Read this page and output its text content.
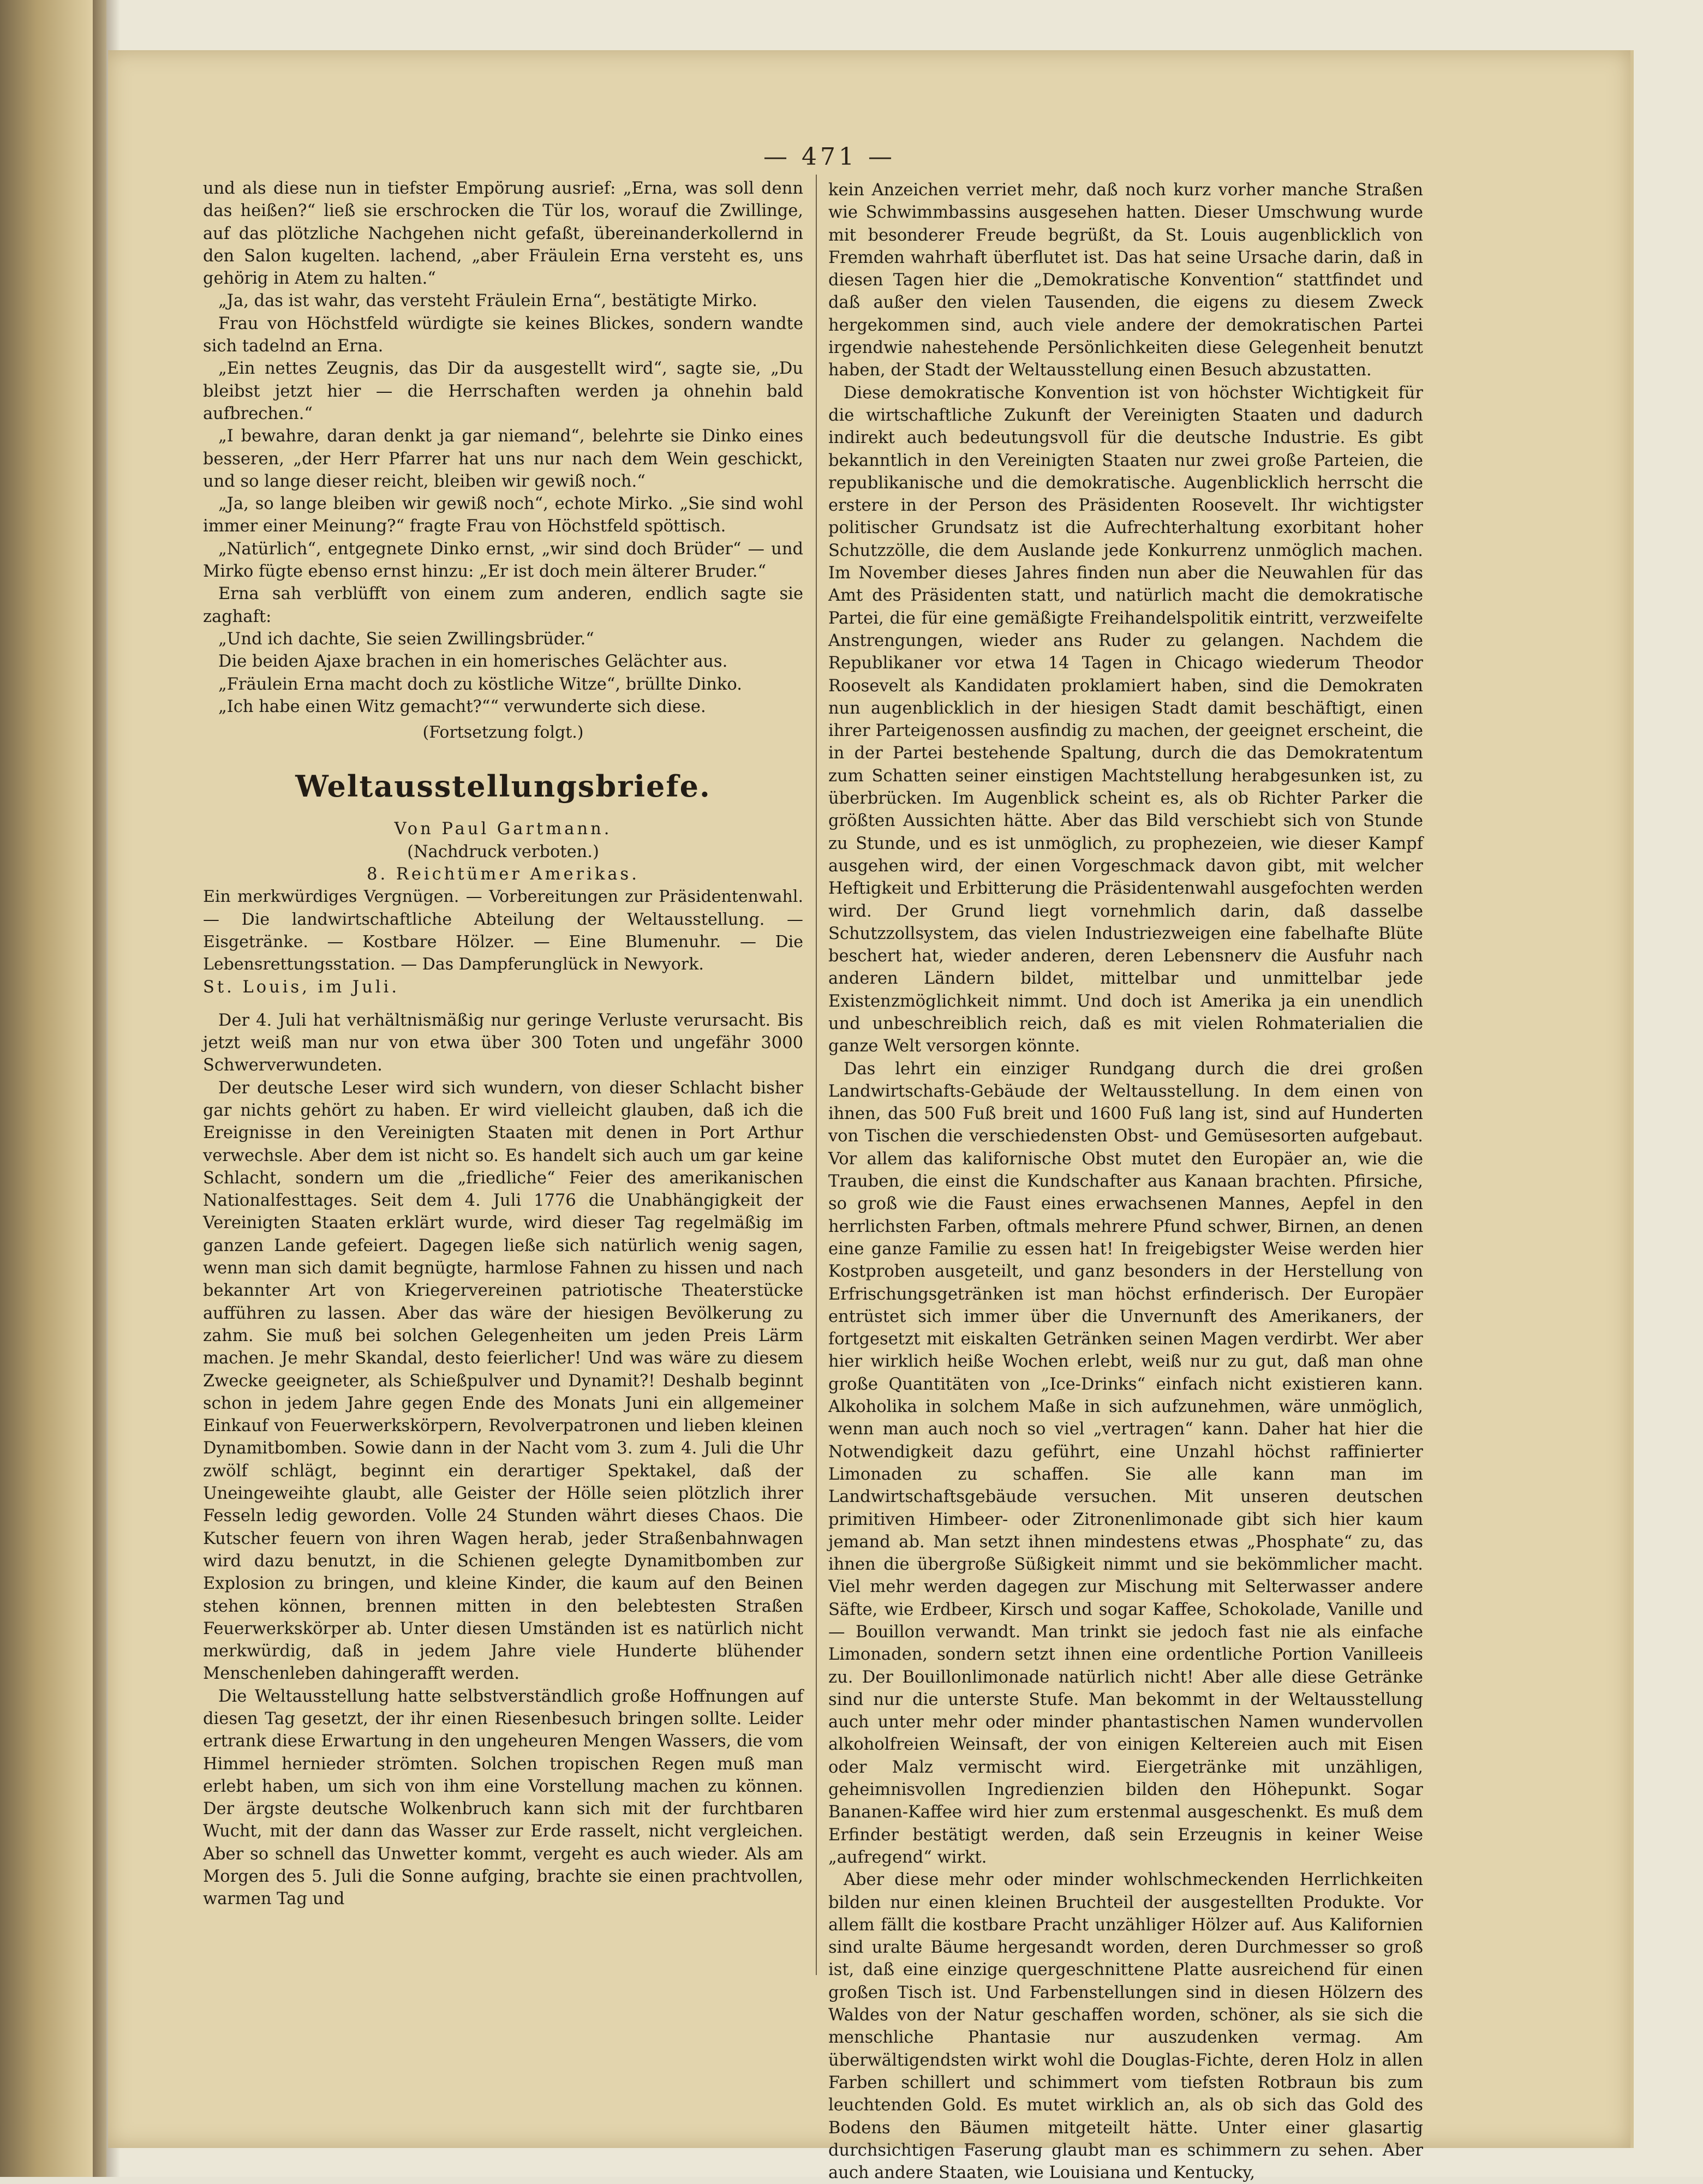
— 471 —

und als diese nun in tiefster Empörung ausrief: „Erna, was soll denn das heißen?“ ließ sie erschrocken die Tür los, worauf die Zwillinge, auf das plötzliche Nachgehen nicht gefaßt, übereinanderkollernd in den Salon kugelten. lachend, „aber Fräulein Erna versteht es, uns gehörig in Atem zu halten.“

„Ja, das ist wahr, das versteht Fräulein Erna“, bestätigte Mirko.

Frau von Höchstfeld würdigte sie keines Blickes, sondern wandte sich tadelnd an Erna.

„Ein nettes Zeugnis, das Dir da ausgestellt wird“, sagte sie, „Du bleibst jetzt hier — die Herrschaften werden ja ohnehin bald aufbrechen.“

„I bewahre, daran denkt ja gar niemand“, belehrte sie Dinko eines besseren, „der Herr Pfarrer hat uns nur nach dem Wein geschickt, und so lange dieser reicht, bleiben wir gewiß noch.“

„Ja, so lange bleiben wir gewiß noch“, echote Mirko. „Sie sind wohl immer einer Meinung?“ fragte Frau von Höchstfeld spöttisch.

„Natürlich“, entgegnete Dinko ernst, „wir sind doch Brüder“ — und Mirko fügte ebenso ernst hinzu: „Er ist doch mein älterer Bruder.“

Erna sah verblüfft von einem zum anderen, endlich sagte sie zaghaft:

„Und ich dachte, Sie seien Zwillingsbrüder.“

Die beiden Ajaxe brachen in ein homerisches Gelächter aus.

„Fräulein Erna macht doch zu köstliche Witze“, brüllte Dinko.

„Ich habe einen Witz gemacht?““ verwunderte sich diese.

(Fortsetzung folgt.)

Weltausstellungsbriefe.

Von Paul Gartmann.

(Nachdruck verboten.)

8. Reichtümer Amerikas.

Ein merkwürdiges Vergnügen. — Vorbereitungen zur Präsidentenwahl. — Die landwirtschaftliche Abteilung der Weltausstellung. — Eisgetränke. — Kostbare Hölzer. — Eine Blumenuhr. — Die Lebensrettungsstation. — Das Dampferunglück in Newyork.

St. Louis, im Juli.

Der 4. Juli hat verhältnismäßig nur geringe Verluste verursacht. Bis jetzt weiß man nur von etwa über 300 Toten und ungefähr 3000 Schwerverwundeten.

Der deutsche Leser wird sich wundern, von dieser Schlacht bisher gar nichts gehört zu haben. Er wird vielleicht glauben, daß ich die Ereignisse in den Vereinigten Staaten mit denen in Port Arthur verwechsle. Aber dem ist nicht so. Es handelt sich auch um gar keine Schlacht, sondern um die „friedliche“ Feier des amerikanischen Nationalfesttages. Seit dem 4. Juli 1776 die Unabhängigkeit der Vereinigten Staaten erklärt wurde, wird dieser Tag regelmäßig im ganzen Lande gefeiert. Dagegen ließe sich natürlich wenig sagen, wenn man sich damit begnügte, harmlose Fahnen zu hissen und nach bekannter Art von Kriegervereinen patriotische Theaterstücke aufführen zu lassen. Aber das wäre der hiesigen Bevölkerung zu zahm. Sie muß bei solchen Gelegenheiten um jeden Preis Lärm machen. Je mehr Skandal, desto feierlicher! Und was wäre zu diesem Zwecke geeigneter, als Schießpulver und Dynamit?! Deshalb beginnt schon in jedem Jahre gegen Ende des Monats Juni ein allgemeiner Einkauf von Feuerwerkskörpern, Revolverpatronen und lieben kleinen Dynamitbomben. Sowie dann in der Nacht vom 3. zum 4. Juli die Uhr zwölf schlägt, beginnt ein derartiger Spektakel, daß der Uneingeweihte glaubt, alle Geister der Hölle seien plötzlich ihrer Fesseln ledig geworden. Volle 24 Stunden währt dieses Chaos. Die Kutscher feuern von ihren Wagen herab, jeder Straßenbahnwagen wird dazu benutzt, in die Schienen gelegte Dynamitbomben zur Explosion zu bringen, und kleine Kinder, die kaum auf den Beinen stehen können, brennen mitten in den belebtesten Straßen Feuerwerkskörper ab. Unter diesen Umständen ist es natürlich nicht merkwürdig, daß in jedem Jahre viele Hunderte blühender Menschenleben dahingerafft werden.

Die Weltausstellung hatte selbstverständlich große Hoffnungen auf diesen Tag gesetzt, der ihr einen Riesenbesuch bringen sollte. Leider ertrank diese Erwartung in den ungeheuren Mengen Wassers, die vom Himmel hernieder strömten. Solchen tropischen Regen muß man erlebt haben, um sich von ihm eine Vorstellung machen zu können. Der ärgste deutsche Wolkenbruch kann sich mit der furchtbaren Wucht, mit der dann das Wasser zur Erde rasselt, nicht vergleichen. Aber so schnell das Unwetter kommt, vergeht es auch wieder. Als am Morgen des 5. Juli die Sonne aufging, brachte sie einen prachtvollen, warmen Tag und

kein Anzeichen verriet mehr, daß noch kurz vorher manche Straßen wie Schwimmbassins ausgesehen hatten. Dieser Umschwung wurde mit besonderer Freude begrüßt, da St. Louis augenblicklich von Fremden wahrhaft überflutet ist. Das hat seine Ursache darin, daß in diesen Tagen hier die „Demokratische Konvention“ stattfindet und daß außer den vielen Tausenden, die eigens zu diesem Zweck hergekommen sind, auch viele andere der demokratischen Partei irgendwie nahestehende Persönlichkeiten diese Gelegenheit benutzt haben, der Stadt der Weltausstellung einen Besuch abzustatten.

Diese demokratische Konvention ist von höchster Wichtigkeit für die wirtschaftliche Zukunft der Vereinigten Staaten und dadurch indirekt auch bedeutungsvoll für die deutsche Industrie. Es gibt bekanntlich in den Vereinigten Staaten nur zwei große Parteien, die republikanische und die demokratische. Augenblicklich herrscht die erstere in der Person des Präsidenten Roosevelt. Ihr wichtigster politischer Grundsatz ist die Aufrechterhaltung exorbitant hoher Schutzzölle, die dem Auslande jede Konkurrenz unmöglich machen. Im November dieses Jahres finden nun aber die Neuwahlen für das Amt des Präsidenten statt, und natürlich macht die demokratische Partei, die für eine gemäßigte Freihandelspolitik eintritt, verzweifelte Anstrengungen, wieder ans Ruder zu gelangen. Nachdem die Republikaner vor etwa 14 Tagen in Chicago wiederum Theodor Roosevelt als Kandidaten proklamiert haben, sind die Demokraten nun augenblicklich in der hiesigen Stadt damit beschäftigt, einen ihrer Parteigenossen ausfindig zu machen, der geeignet erscheint, die in der Partei bestehende Spaltung, durch die das Demokratentum zum Schatten seiner einstigen Machtstellung herabgesunken ist, zu überbrücken. Im Augenblick scheint es, als ob Richter Parker die größten Aussichten hätte. Aber das Bild verschiebt sich von Stunde zu Stunde, und es ist unmöglich, zu prophezeien, wie dieser Kampf ausgehen wird, der einen Vorgeschmack davon gibt, mit welcher Heftigkeit und Erbitterung die Präsidentenwahl ausgefochten werden wird. Der Grund liegt vornehmlich darin, daß dasselbe Schutzzollsystem, das vielen Industriezweigen eine fabelhafte Blüte beschert hat, wieder anderen, deren Lebensnerv die Ausfuhr nach anderen Ländern bildet, mittelbar und unmittelbar jede Existenzmöglichkeit nimmt. Und doch ist Amerika ja ein unendlich und unbeschreiblich reich, daß es mit vielen Rohmaterialien die ganze Welt versorgen könnte.

Das lehrt ein einziger Rundgang durch die drei großen Landwirtschafts-Gebäude der Weltausstellung. In dem einen von ihnen, das 500 Fuß breit und 1600 Fuß lang ist, sind auf Hunderten von Tischen die verschiedensten Obst- und Gemüsesorten aufgebaut. Vor allem das kalifornische Obst mutet den Europäer an, wie die Trauben, die einst die Kundschafter aus Kanaan brachten. Pfirsiche, so groß wie die Faust eines erwachsenen Mannes, Aepfel in den herrlichsten Farben, oftmals mehrere Pfund schwer, Birnen, an denen eine ganze Familie zu essen hat! In freigebigster Weise werden hier Kostproben ausgeteilt, und ganz besonders in der Herstellung von Erfrischungsgetränken ist man höchst erfinderisch. Der Europäer entrüstet sich immer über die Unvernunft des Amerikaners, der fortgesetzt mit eiskalten Getränken seinen Magen verdirbt. Wer aber hier wirklich heiße Wochen erlebt, weiß nur zu gut, daß man ohne große Quantitäten von „Ice-Drinks“ einfach nicht existieren kann. Alkoholika in solchem Maße in sich aufzunehmen, wäre unmöglich, wenn man auch noch so viel „vertragen“ kann. Daher hat hier die Notwendigkeit dazu geführt, eine Unzahl höchst raffinierter Limonaden zu schaffen. Sie alle kann man im Landwirtschaftsgebäude versuchen. Mit unseren deutschen primitiven Himbeer- oder Zitronenlimonade gibt sich hier kaum jemand ab. Man setzt ihnen mindestens etwas „Phosphate“ zu, das ihnen die übergroße Süßigkeit nimmt und sie bekömmlicher macht. Viel mehr werden dagegen zur Mischung mit Selterwasser andere Säfte, wie Erdbeer, Kirsch und sogar Kaffee, Schokolade, Vanille und — Bouillon verwandt. Man trinkt sie jedoch fast nie als einfache Limonaden, sondern setzt ihnen eine ordentliche Portion Vanilleeis zu. Der Bouillonlimonade natürlich nicht! Aber alle diese Getränke sind nur die unterste Stufe. Man bekommt in der Weltausstellung auch unter mehr oder minder phantastischen Namen wundervollen alkoholfreien Weinsaft, der von einigen Keltereien auch mit Eisen oder Malz vermischt wird. Eiergetränke mit unzähligen, geheimnisvollen Ingredienzien bilden den Höhepunkt. Sogar Bananen-Kaffee wird hier zum erstenmal ausgeschenkt. Es muß dem Erfinder bestätigt werden, daß sein Erzeugnis in keiner Weise „aufregend“ wirkt.

Aber diese mehr oder minder wohlschmeckenden Herrlichkeiten bilden nur einen kleinen Bruchteil der ausgestellten Produkte. Vor allem fällt die kostbare Pracht unzähliger Hölzer auf. Aus Kalifornien sind uralte Bäume hergesandt worden, deren Durchmesser so groß ist, daß eine einzige quergeschnittene Platte ausreichend für einen großen Tisch ist. Und Farbenstellungen sind in diesen Hölzern des Waldes von der Natur geschaffen worden, schöner, als sie sich die menschliche Phantasie nur auszudenken vermag. Am überwältigendsten wirkt wohl die Douglas-Fichte, deren Holz in allen Farben schillert und schimmert vom tiefsten Rotbraun bis zum leuchtenden Gold. Es mutet wirklich an, als ob sich das Gold des Bodens den Bäumen mitgeteilt hätte. Unter einer glasartig durchsichtigen Faserung glaubt man es schimmern zu sehen. Aber auch andere Staaten, wie Louisiana und Kentucky,
